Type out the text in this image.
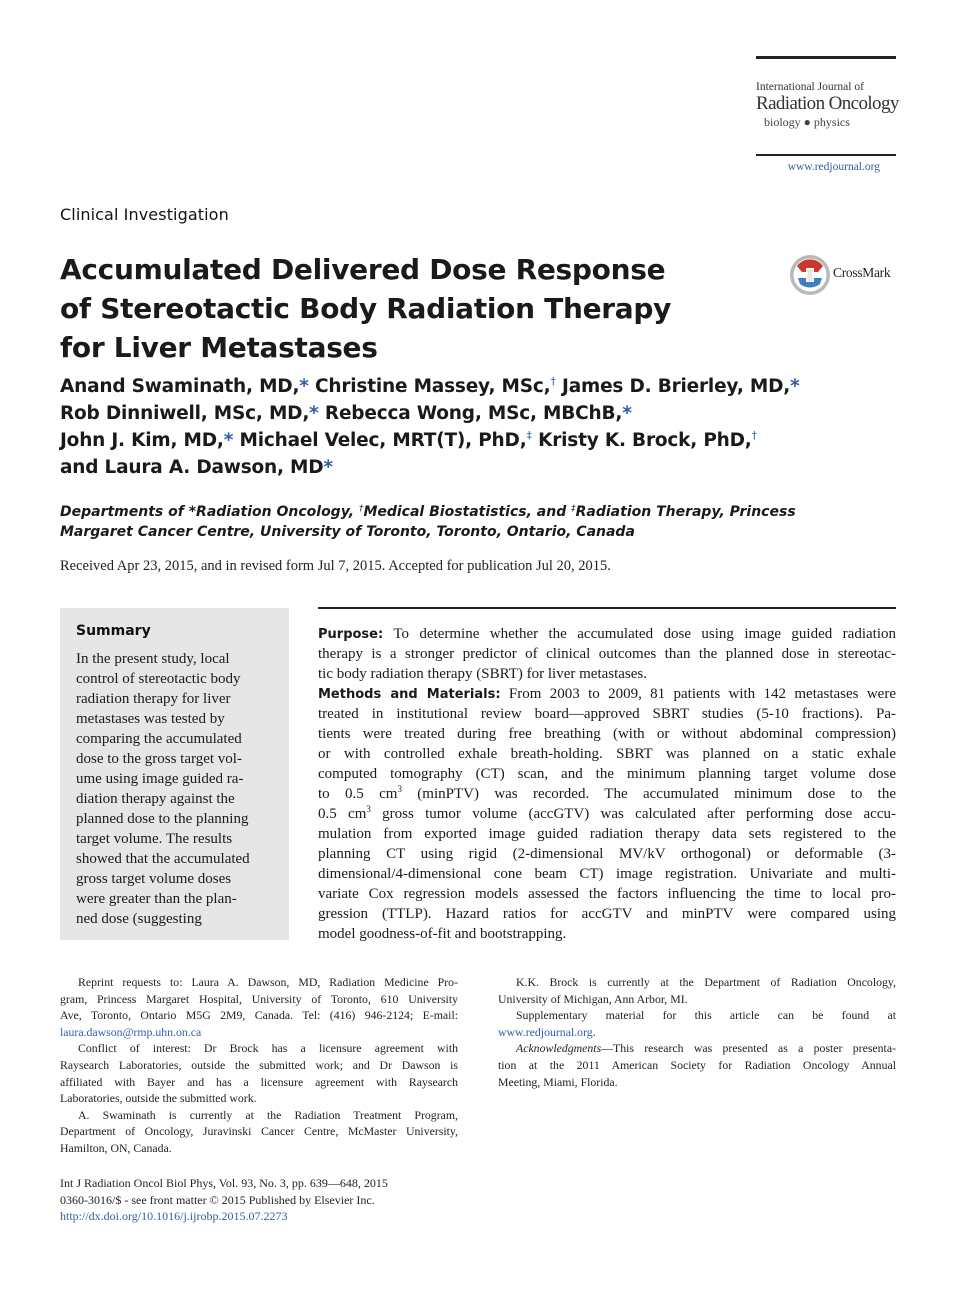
International Journal of
Radiation Oncology
biology ● physics
www.redjournal.org
Clinical Investigation
Accumulated Delivered Dose Response
of Stereotactic Body Radiation Therapy
for Liver Metastases
CrossMark
Anand Swaminath, MD,* Christine Massey, MSc,† James D. Brierley, MD,*
Rob Dinniwell, MSc, MD,* Rebecca Wong, MSc, MBChB,*
John J. Kim, MD,* Michael Velec, MRT(T), PhD,‡ Kristy K. Brock, PhD,†
and Laura A. Dawson, MD*
Departments of *Radiation Oncology, †Medical Biostatistics, and ‡Radiation Therapy, Princess
Margaret Cancer Centre, University of Toronto, Toronto, Ontario, Canada
Received Apr 23, 2015, and in revised form Jul 7, 2015. Accepted for publication Jul 20, 2015.
Summary
In the present study, local
control of stereotactic body
radiation therapy for liver
metastases was tested by
comparing the accumulated
dose to the gross target vol-
ume using image guided ra-
diation therapy against the
planned dose to the planning
target volume. The results
showed that the accumulated
gross target volume doses
were greater than the plan-
ned dose (suggesting
Purpose: To determine whether the accumulated dose using image guided radiation
therapy is a stronger predictor of clinical outcomes than the planned dose in stereotac-
tic body radiation therapy (SBRT) for liver metastases.
Methods and Materials: From 2003 to 2009, 81 patients with 142 metastases were
treated in institutional review board—approved SBRT studies (5-10 fractions). Pa-
tients were treated during free breathing (with or without abdominal compression)
or with controlled exhale breath-holding. SBRT was planned on a static exhale
computed tomography (CT) scan, and the minimum planning target volume dose
to 0.5 $cm^3$ (minPTV) was recorded. The accumulated minimum dose to the
0.5 $cm^3$ gross tumor volume (accGTV) was calculated after performing dose accu-
mulation from exported image guided radiation therapy data sets registered to the
planning CT using rigid (2-dimensional MV/kV orthogonal) or deformable (3-
dimensional/4-dimensional cone beam CT) image registration. Univariate and multi-
variate Cox regression models assessed the factors influencing the time to local pro-
gression (TTLP). Hazard ratios for accGTV and minPTV were compared using
model goodness-of-fit and bootstrapping.
Reprint requests to: Laura A. Dawson, MD, Radiation Medicine Pro-
gram, Princess Margaret Hospital, University of Toronto, 610 University
Ave, Toronto, Ontario M5G 2M9, Canada. Tel: (416) 946-2124; E-mail:
laura.dawson@rmp.uhn.on.ca
Conflict of interest: Dr Brock has a licensure agreement with
Raysearch Laboratories, outside the submitted work; and Dr Dawson is
affiliated with Bayer and has a licensure agreement with Raysearch
Laboratories, outside the submitted work.
A. Swaminath is currently at the Radiation Treatment Program,
Department of Oncology, Juravinski Cancer Centre, McMaster University,
Hamilton, ON, Canada.
K.K. Brock is currently at the Department of Radiation Oncology,
University of Michigan, Ann Arbor, MI.
Supplementary material for this article can be found at
www.redjournal.org.
Acknowledgments—This research was presented as a poster presenta-
tion at the 2011 American Society for Radiation Oncology Annual
Meeting, Miami, Florida.
Int J Radiation Oncol Biol Phys, Vol. 93, No. 3, pp. 639—648, 2015
0360-3016/$ - see front matter © 2015 Published by Elsevier Inc.
http://dx.doi.org/10.1016/j.ijrobp.2015.07.2273
